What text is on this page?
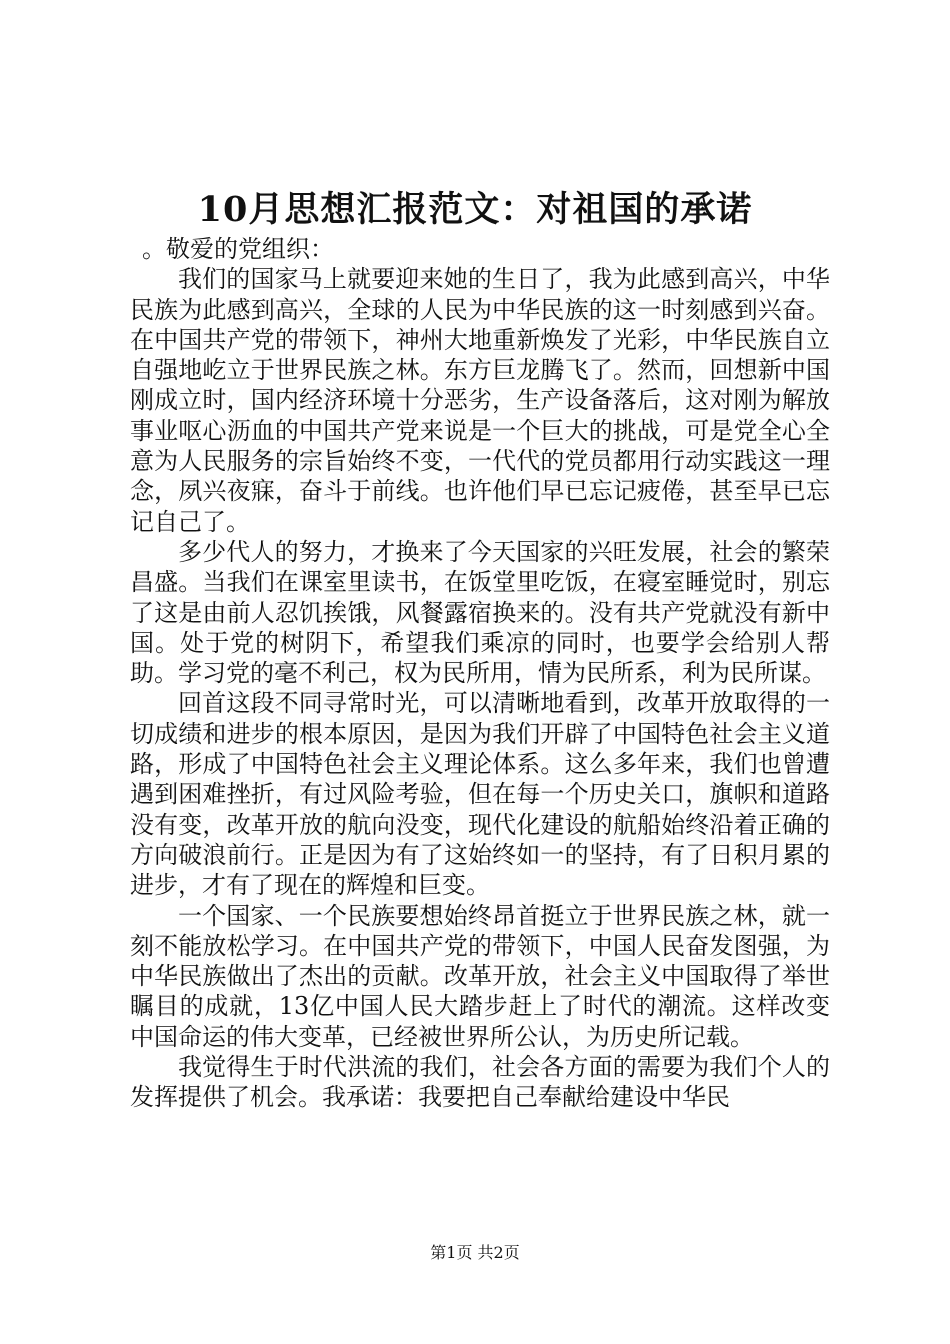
10月思想汇报范文：对祖国的承诺

。敬爱的党组织：

我们的国家马上就要迎来她的生日了，我为此感到高兴，中华民族为此感到高兴，全球的人民为中华民族的这一时刻感到兴奋。在中国共产党的带领下，神州大地重新焕发了光彩，中华民族自立自强地屹立于世界民族之林。东方巨龙腾飞了。然而，回想新中国刚成立时，国内经济环境十分恶劣，生产设备落后，这对刚为解放事业呕心沥血的中国共产党来说是一个巨大的挑战，可是党全心全意为人民服务的宗旨始终不变，一代代的党员都用行动实践这一理念，夙兴夜寐，奋斗于前线。也许他们早已忘记疲倦，甚至早已忘记自己了。

多少代人的努力，才换来了今天国家的兴旺发展，社会的繁荣昌盛。当我们在课室里读书，在饭堂里吃饭，在寝室睡觉时，别忘了这是由前人忍饥挨饿，风餐露宿换来的。没有共产党就没有新中国。处于党的树阴下，希望我们乘凉的同时，也要学会给别人帮助。学习党的毫不利己，权为民所用，情为民所系，利为民所谋。

回首这段不同寻常时光，可以清晰地看到，改革开放取得的一切成绩和进步的根本原因，是因为我们开辟了中国特色社会主义道路，形成了中国特色社会主义理论体系。这么多年来，我们也曾遭遇到困难挫折，有过风险考验，但在每一个历史关口，旗帜和道路没有变，改革开放的航向没变，现代化建设的航船始终沿着正确的方向破浪前行。正是因为有了这始终如一的坚持，有了日积月累的进步，才有了现在的辉煌和巨变。

一个国家、一个民族要想始终昂首挺立于世界民族之林，就一刻不能放松学习。在中国共产党的带领下，中国人民奋发图强，为中华民族做出了杰出的贡献。改革开放，社会主义中国取得了举世瞩目的成就，13亿中国人民大踏步赶上了时代的潮流。这样改变中国命运的伟大变革，已经被世界所公认，为历史所记载。

我觉得生于时代洪流的我们，社会各方面的需要为我们个人的发挥提供了机会。我承诺：我要把自己奉献给建设中华民

第1页 共2页
